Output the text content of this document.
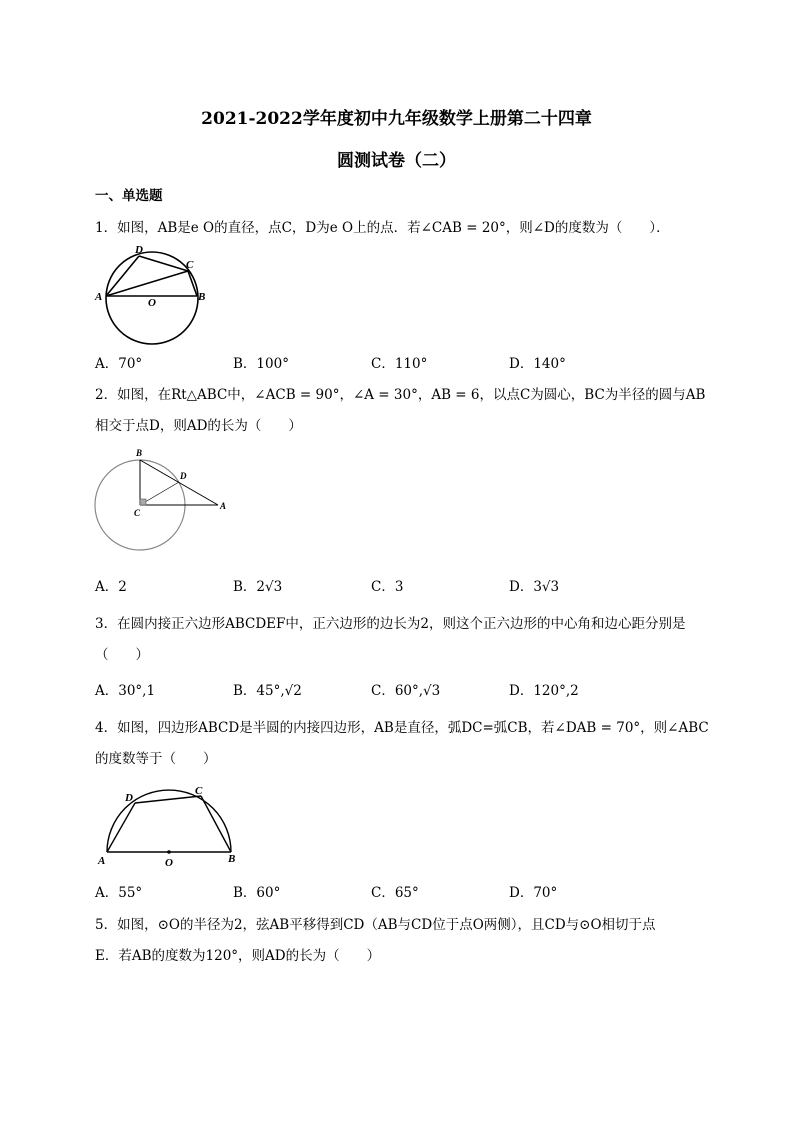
2021-2022学年度初中九年级数学上册第二十四章
圆测试卷（二）
一、单选题
1．如图，AB是e O的直径，点C，D为e O上的点．若∠CAB = 20°，则∠D的度数为（　　）．
A	B
C
D
O
A．70°	B．100°	C．110°	D．140°
2．如图，在Rt△ABC中，∠ACB = 90°，∠A = 30°，AB = 6，以点C为圆心，BC为半径的圆与AB
相交于点D，则AD的长为（　　）
B
D
C
A
A．2	B．2√3	C．3	D．3√3
3．在圆内接正六边形ABCDEF中，正六边形的边长为2，则这个正六边形的中心角和边心距分别是
（　　）
A．30°,1	B．45°,√2	C．60°,√3	D．120°,2
4．如图，四边形ABCD是半圆的内接四边形，AB是直径，弧DC=弧CB，若∠DAB = 70°，则∠ABC
的度数等于（　　）
D
C
A	O	B
A．55°	B．60°	C．65°	D．70°
5．如图，⊙O的半径为2，弦AB平移得到CD（AB与CD位于点O两侧），且CD与⊙O相切于点
E．若AB的度数为120°，则AD的长为（　　）
